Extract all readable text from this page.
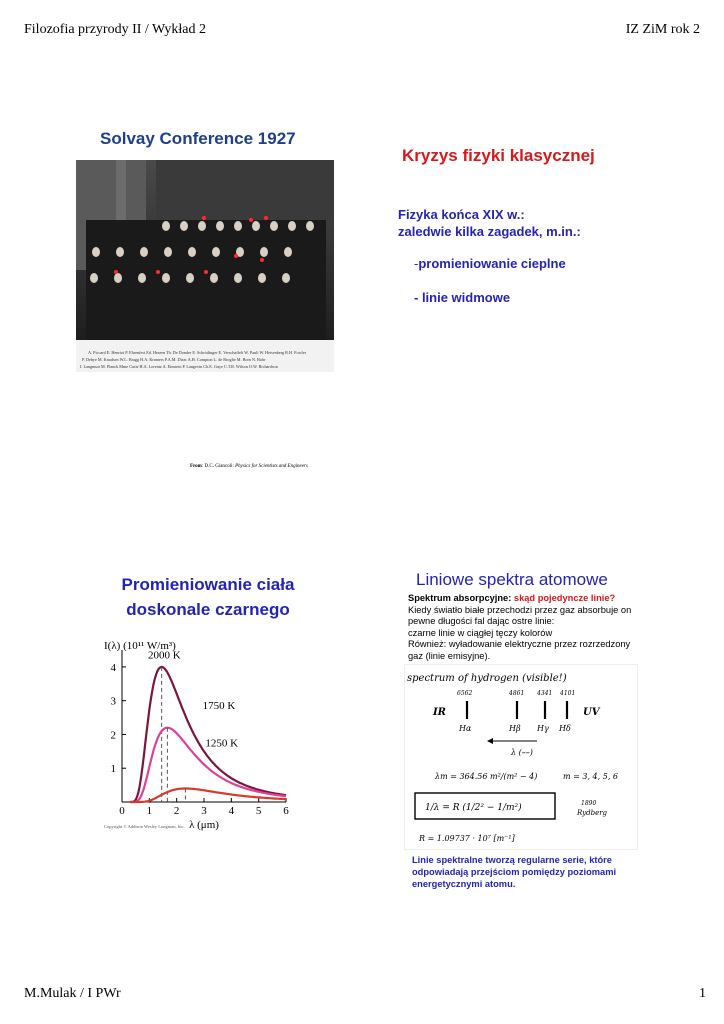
Filozofia przyrody II / Wykład 2	IZ ZiM rok 2
Solvay Conference 1927
A. Piccard E. Henriot P. Ehrenfest Ed. Herzen Th. De Donder E. Schrödinger E. Verschaffelt W. Pauli W. Heisenberg R.H. Fowler
P. Debye M. Knudsen W.L. Bragg H.A. Kramers P.A.M. Dirac A.H. Compton L. de Broglie M. Born N. Bohr
I. Langmuir M. Planck Mme Curie H.A. Lorentz A. Einstein P. Langevin Ch.E. Guye C.T.R. Wilson O.W. Richardson
From: D.C. Giancoli: Physics for Scientists and Engineers
Kryzys fizyki klasycznej
Fizyka końca XIX w.:
zaledwie kilka zagadek, m.in.:
-promieniowanie cieplne
- linie widmowe
Promieniowanie ciała
doskonale czarnego
0 1 2 3 4 5 6
1
2
3
4
I(λ) (10¹¹ W/m³)
λ (μm)
2000 K
1750 K
1250 K
Copyright © Addison Wesley Longman, Inc.
Liniowe spektra atomowe
Spektrum absorpcyjne: skąd pojedyncze linie?
Kiedy światło białe przechodzi przez gaz absorbuje on pewne długości fal dając ostre linie:
czarne linie w ciągłej tęczy kolorów
Również: wyładowanie elektryczne przez rozrzedzony gaz (linie emisyjne).
spectrum of hydrogen (visible!)
6562	4861 4341 4101
IR	UV
Hα	Hβ Hγ Hδ
λ (––)
λm = 364.56 m²/(m² − 4)	m = 3, 4, 5, 6
1/λ = R (1/2² − 1/m²)	1890
Rydberg
R = 1.09737 · 10⁷ [m⁻¹]
Linie spektralne tworzą regularne serie, które odpowiadają przejściom pomiędzy poziomami energetycznymi atomu.
M.Mulak / I PWr	1
